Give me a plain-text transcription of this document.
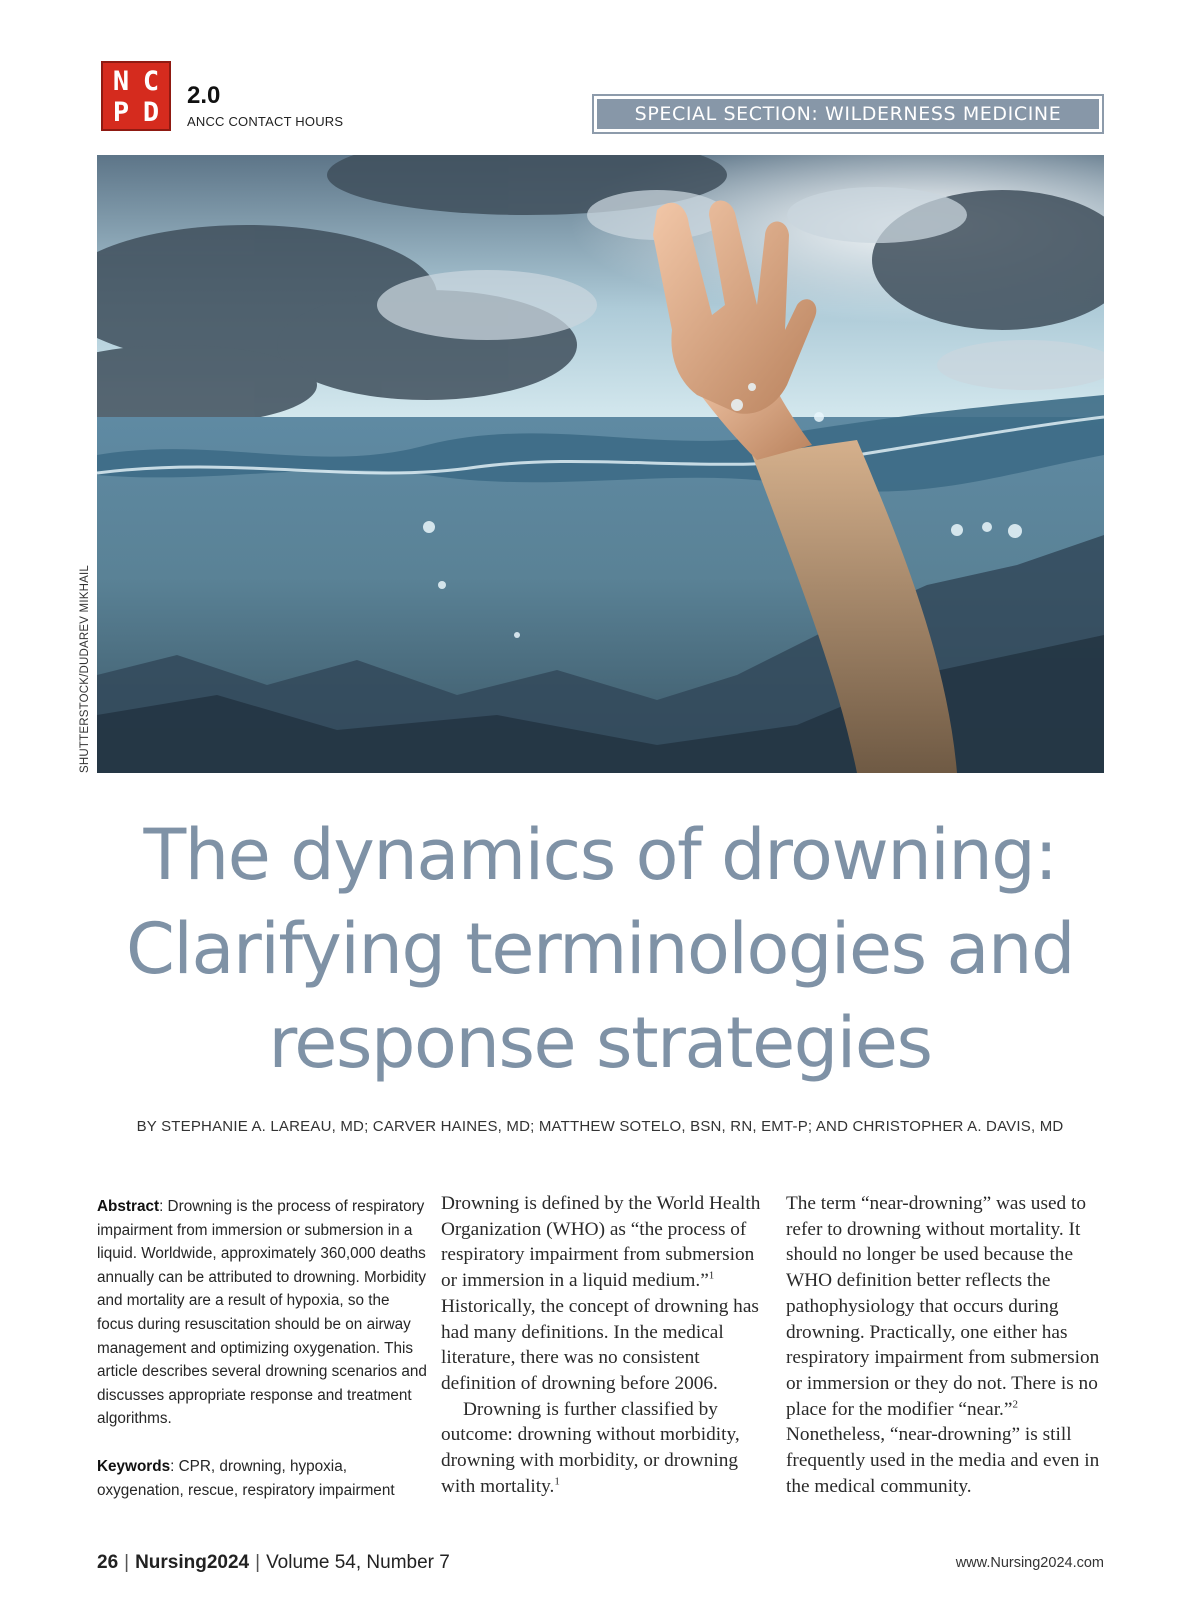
N C
P D
2.0
ANCC CONTACT HOURS	SPECIAL SECTION: WILDERNESS MEDICINE
SHUTTERSTOCK/DUDAREV MIKHAIL
The dynamics of drowning:
Clarifying terminologies and
response strategies
BY STEPHANIE A. LAREAU, MD; CARVER HAINES, MD; MATTHEW SOTELO, BSN, RN, EMT-P; AND CHRISTOPHER A. DAVIS, MD

Abstract: Drowning is the process of respiratory impairment from immersion or submersion in a liquid. Worldwide, approximately 360,000 deaths annually can be attributed to drowning. Morbidity and mortality are a result of hypoxia, so the focus during resuscitation should be on airway management and optimizing oxygenation. This article describes several drowning scenarios and discusses appropriate response and treatment algorithms.

Keywords: CPR, drowning, hypoxia, oxygenation, rescue, respiratory impairment

Drowning is defined by the World Health Organization (WHO) as “the process of respiratory impairment from submersion or immersion in a liquid medium.”$^1$ Historically, the concept of drowning has had many definitions. In the medical literature, there was no consistent definition of drowning before 2006.

Drowning is further classified by outcome: drowning without morbidity, drowning with morbidity, or drowning with mortality.$^1$

The term “near-drowning” was used to refer to drowning without mortality. It should no longer be used because the WHO definition better reflects the pathophysiology that occurs during drowning. Practically, one either has respiratory impairment from submersion or immersion or they do not. There is no place for the modifier “near.”$^2$ Nonetheless, “near-drowning” is still frequently used in the media and even in the medical community.

26 | Nursing2024 | Volume 54, Number 7	www.Nursing2024.com
